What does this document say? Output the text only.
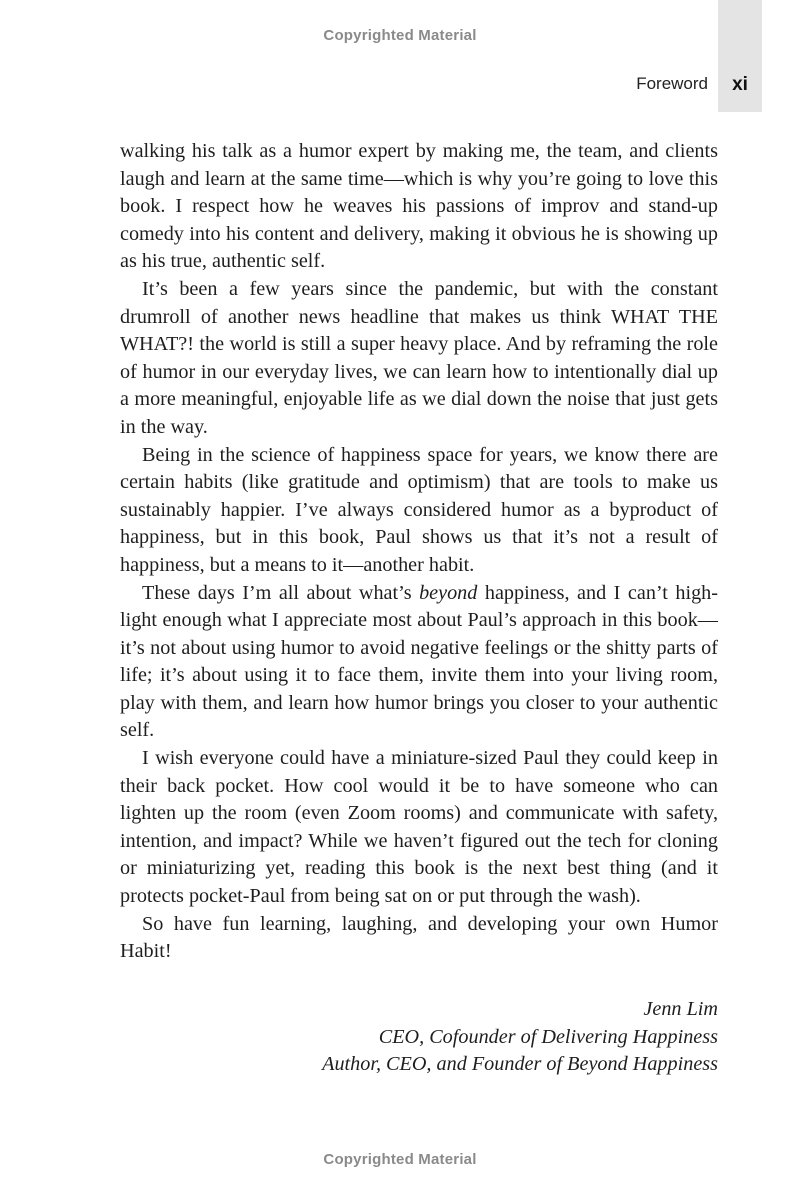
Copyrighted Material
Foreword	xi

walking his talk as a humor expert by making me, the team, and clients laugh and learn at the same time—which is why you’re going to love this book. I respect how he weaves his passions of improv and stand-up comedy into his content and delivery, making it obvious he is showing up as his true, authentic self.

It’s been a few years since the pandemic, but with the constant drumroll of another news headline that makes us think WHAT THE WHAT?! the world is still a super heavy place. And by reframing the role of humor in our everyday lives, we can learn how to intentionally dial up a more meaningful, enjoyable life as we dial down the noise that just gets in the way.

Being in the science of happiness space for years, we know there are certain habits (like gratitude and optimism) that are tools to make us sustainably happier. I’ve always considered humor as a byproduct of happiness, but in this book, Paul shows us that it’s not a result of happiness, but a means to it—another habit.

These days I’m all about what’s beyond happiness, and I can’t highlight enough what I appreciate most about Paul’s approach in this book—it’s not about using humor to avoid negative feelings or the shitty parts of life; it’s about using it to face them, invite them into your living room, play with them, and learn how humor brings you closer to your authentic self.

I wish everyone could have a miniature-sized Paul they could keep in their back pocket. How cool would it be to have someone who can lighten up the room (even Zoom rooms) and communicate with safety, intention, and impact? While we haven’t figured out the tech for cloning or miniaturizing yet, reading this book is the next best thing (and it protects pocket-Paul from being sat on or put through the wash).

So have fun learning, laughing, and developing your own Humor Habit!

Jenn Lim
CEO, Cofounder of Delivering Happiness
Author, CEO, and Founder of Beyond Happiness
Copyrighted Material
